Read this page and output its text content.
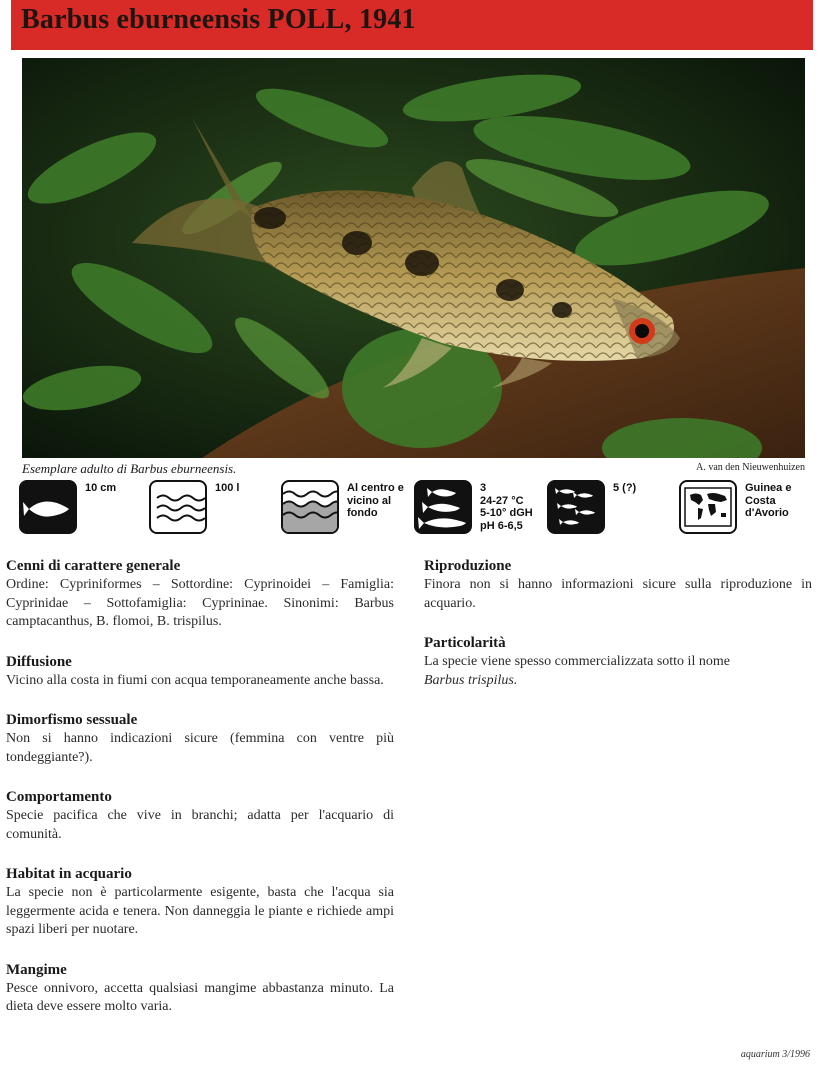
Barbus eburneensis POLL, 1941
Esemplare adulto di Barbus eburneensis.	A. van den Nieuwenhuizen
10 cm	100 l	Al centro e
vicino al
fondo
3
24-27 °C
5-10° dGH
pH 6-6,5
5 (?)	Guinea e
Costa
d'Avorio
Cenni di carattere generale

Ordine: Cypriniformes – Sottordine: Cyprinoidei – Famiglia: Cyprinidae – Sottofamiglia: Cyprininae. Sinonimi: Barbus camptacanthus, B. flomoi, B. trispilus.

Diffusione

Vicino alla costa in fiumi con acqua temporaneamente anche bassa.

Dimorfismo sessuale

Non si hanno indicazioni sicure (femmina con ventre più tondeggiante?).

Comportamento

Specie pacifica che vive in branchi; adatta per l'acquario di comunità.

Habitat in acquario

La specie non è particolarmente esigente, basta che l'acqua sia leggermente acida e tenera. Non danneggia le piante e richiede ampi spazi liberi per nuotare.

Mangime

Pesce onnivoro, accetta qualsiasi mangime abbastanza minuto. La dieta deve essere molto varia.

Riproduzione

Finora non si hanno informazioni sicure sulla riproduzione in acquario.

Particolarità

La specie viene spesso commercializzata sotto il nome
Barbus trispilus.

aquarium 3/1996
